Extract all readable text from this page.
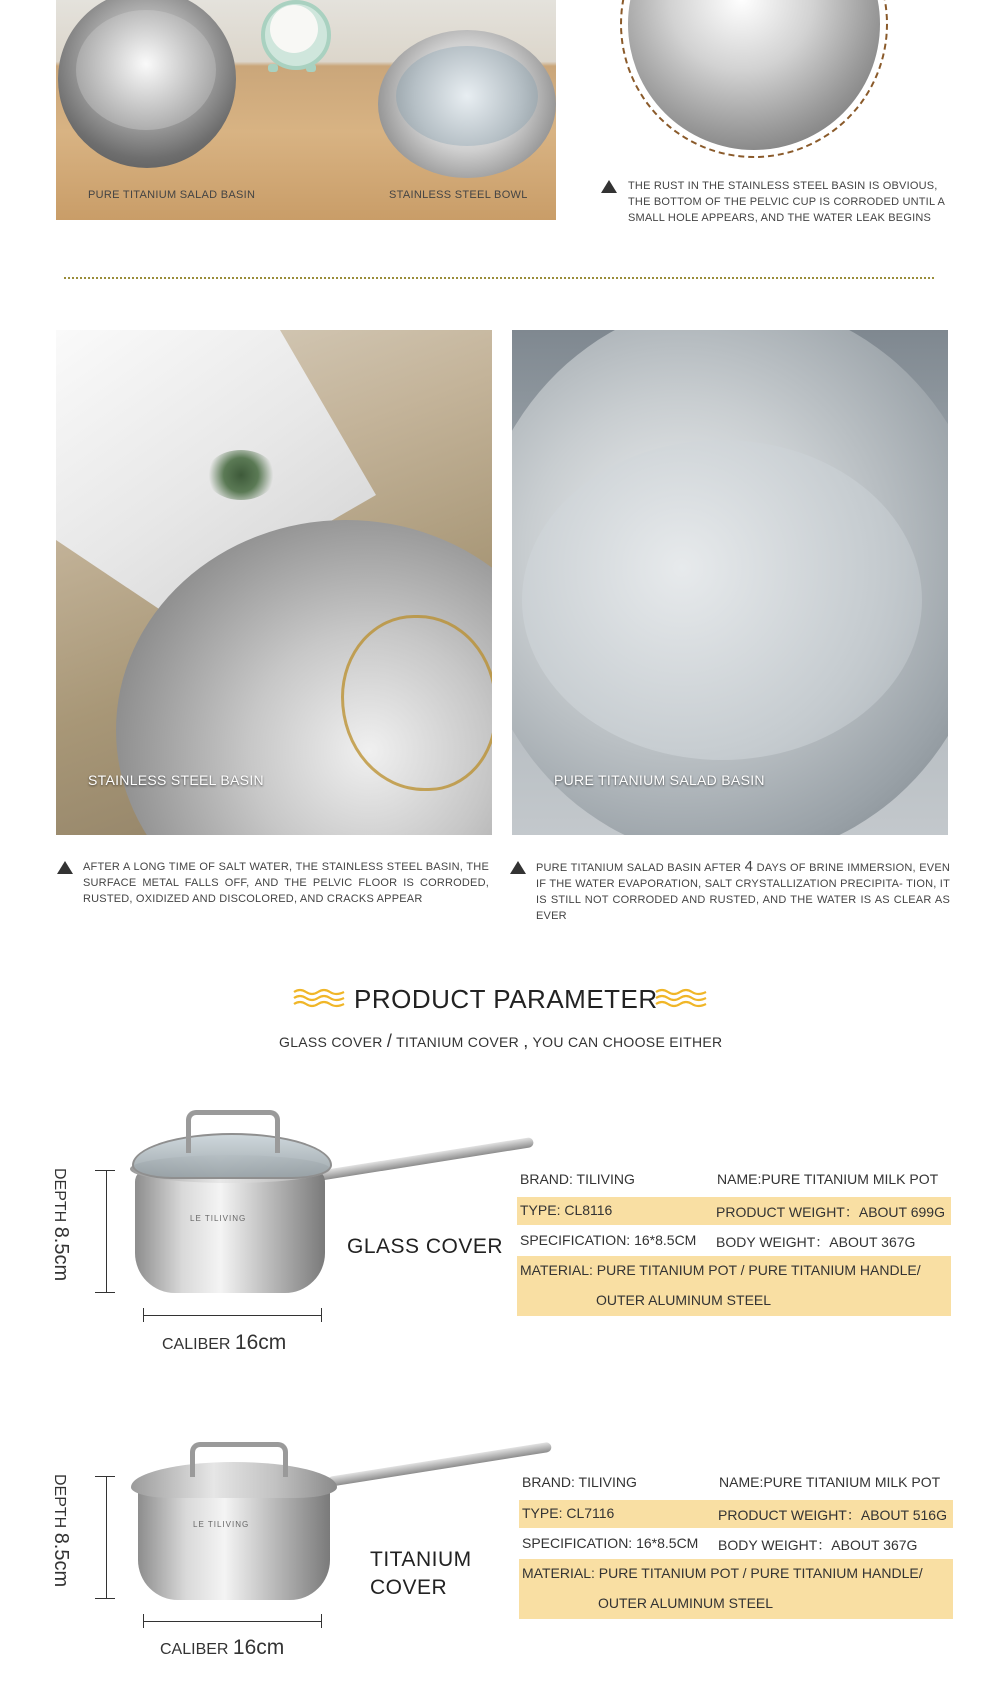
PURE TITANIUM SALAD BASIN	STAINLESS STEEL BOWL
THE RUST IN THE STAINLESS STEEL BASIN IS OBVIOUS, THE BOTTOM OF THE PELVIC CUP IS CORRODED UNTIL A SMALL HOLE APPEARS, AND THE WATER LEAK BEGINS
STAINLESS STEEL BASIN	PURE TITANIUM SALAD BASIN
AFTER A LONG TIME OF SALT WATER, THE STAINLESS STEEL BASIN, THE SURFACE METAL FALLS OFF, AND THE PELVIC FLOOR IS CORRODED, RUSTED, OXIDIZED AND DISCOLORED, AND CRACKS APPEAR
PURE TITANIUM SALAD BASIN AFTER 4 DAYS OF BRINE IMMERSION, EVEN IF THE WATER EVAPORATION, SALT CRYSTALLIZATION PRECIPITA- TION, IT IS STILL NOT CORRODED AND RUSTED, AND THE WATER IS AS CLEAR AS EVER
PRODUCT PARAMETER
GLASS COVER / TITANIUM COVER , YOU CAN CHOOSE EITHER
DEPTH 8.5cm
LE TILIVING
CALIBER 16cm
GLASS COVER
BRAND: TILIVING	NAME:PURE TITANIUM MILK POT
TYPE: CL8116	PRODUCT WEIGHT：ABOUT 699G
SPECIFICATION: 16*8.5CM BODY WEIGHT：ABOUT 367G
MATERIAL: PURE TITANIUM POT / PURE TITANIUM HANDLE/
OUTER ALUMINUM STEEL
DEPTH 8.5cm
LE TILIVING
CALIBER 16cm
TITANIUM
COVER
BRAND: TILIVING	NAME:PURE TITANIUM MILK POT
TYPE: CL7116	PRODUCT WEIGHT：ABOUT 516G
SPECIFICATION: 16*8.5CM BODY WEIGHT：ABOUT 367G
MATERIAL: PURE TITANIUM POT / PURE TITANIUM HANDLE/
OUTER ALUMINUM STEEL
